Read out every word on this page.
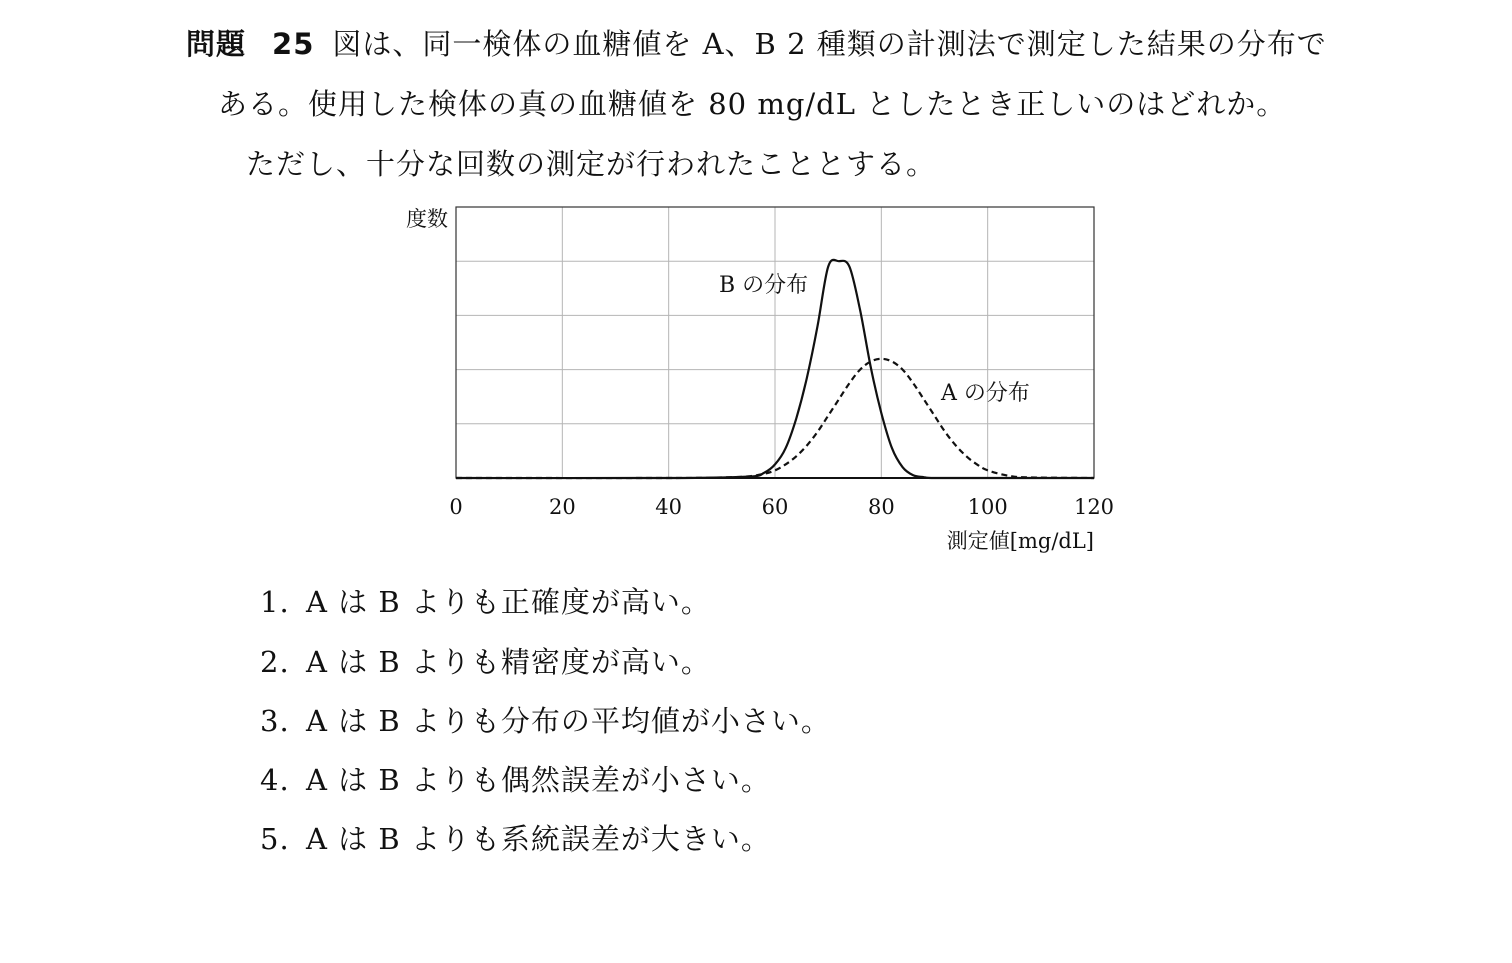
問題 25 図は、同一検体の血糖値を A、B 2 種類の計測法で測定した結果の分布で
ある。使用した検体の真の血糖値を 80 mg/dL としたとき正しいのはどれか。
ただし、十分な回数の測定が行われたこととする。
度数
0	20	40	60	80	100	120
測定値[mg/dL]
B の分布
A の分布
1. A は B よりも正確度が高い。
2. A は B よりも精密度が高い。
3. A は B よりも分布の平均値が小さい。
4. A は B よりも偶然誤差が小さい。
5. A は B よりも系統誤差が大きい。
